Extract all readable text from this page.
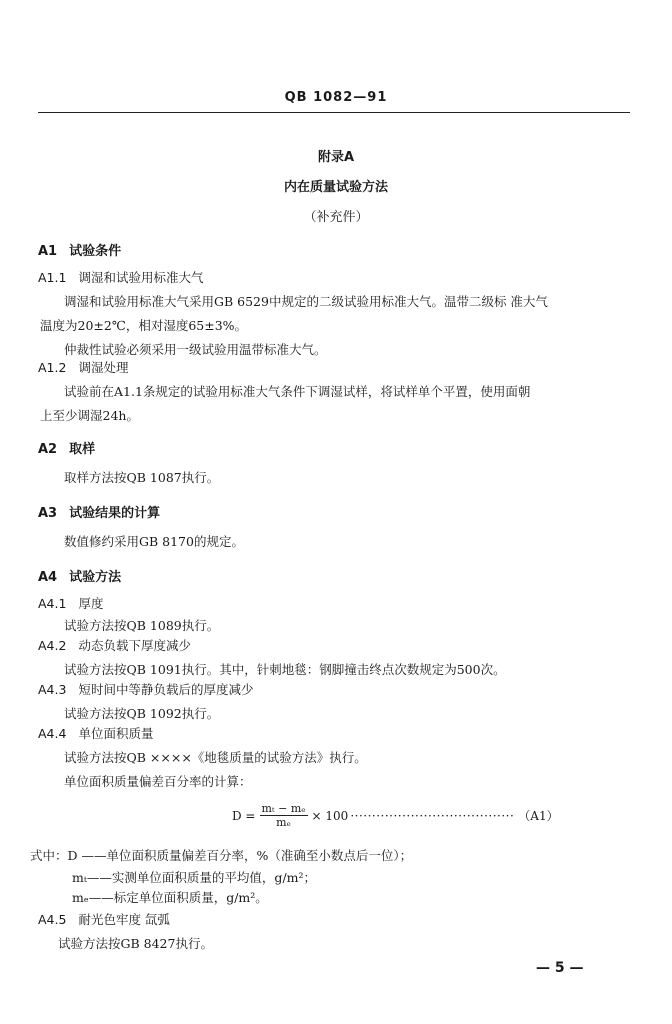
QB 1082—91
附录A
内在质量试验方法
（补充件）
A1 试验条件
A1.1 调湿和试验用标准大气
调湿和试验用标准大气采用GB 6529中规定的二级试验用标准大气。温带二级标 准大气
温度为20±2℃，相对湿度65±3%。
仲裁性试验必须采用一级试验用温带标准大气。
A1.2 调湿处理
试验前在A1.1条规定的试验用标准大气条件下调湿试样，将试样单个平置，使用面朝
上至少调湿24h。
A2 取样
取样方法按QB 1087执行。
A3 试验结果的计算
数值修约采用GB 8170的规定。
A4 试验方法
A4.1 厚度
试验方法按QB 1089执行。
A4.2 动态负载下厚度减少
试验方法按QB 1091执行。其中，针刺地毯：钢脚撞击终点次数规定为500次。
A4.3 短时间中等静负载后的厚度减少
试验方法按QB 1092执行。
A4.4 单位面积质量
试验方法按QB ××××《地毯质量的试验方法》执行。
单位面积质量偏差百分率的计算：
$D = \frac{\text{mₜ − mₑ}}{\text{mₑ}} \times 100$ ······································ （A1）
式中：D ——单位面积质量偏差百分率，%（准确至小数点后一位）；
mₜ——实测单位面积质量的平均值，g/m²；
mₑ——标定单位面积质量，g/m²。
A4.5 耐光色牢度 氙弧
试验方法按GB 8427执行。
— 5 —
